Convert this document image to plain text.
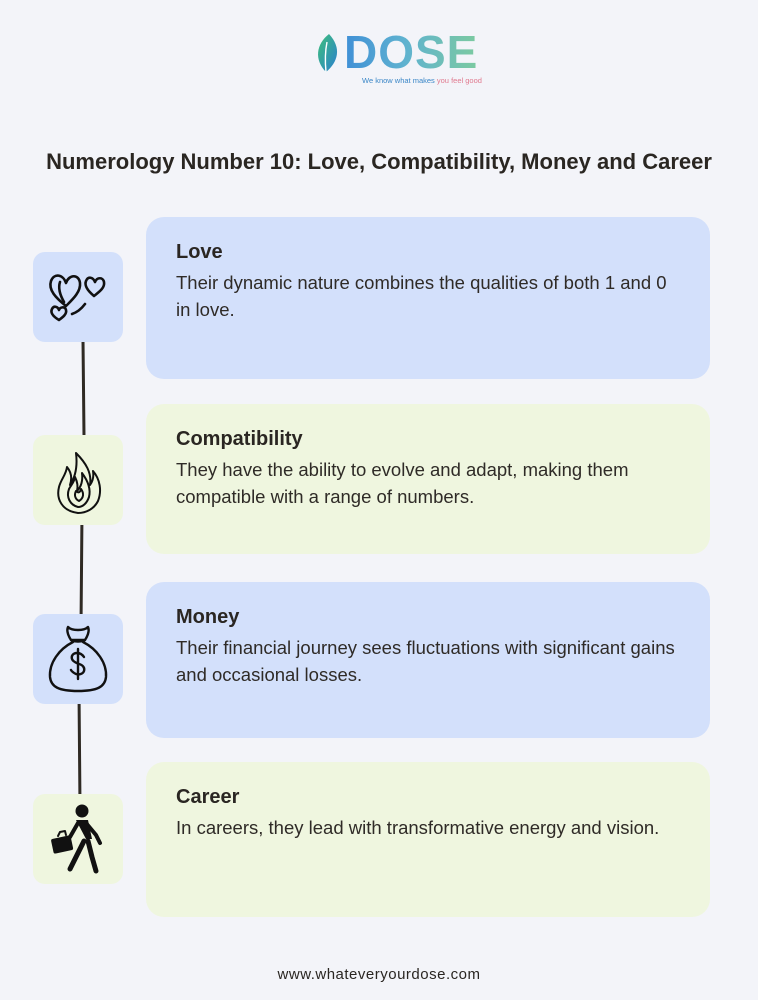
DOSE
We know what makes you feel good
Numerology Number 10: Love, Compatibility, Money and Career
Love
Their dynamic nature combines the qualities of both 1 and 0 in love.
Compatibility
They have the ability to evolve and adapt, making them compatible with a range of numbers.
Money
Their financial journey sees fluctuations with significant gains and occasional losses.
Career
In careers, they lead with transformative energy and vision.
www.whateveryourdose.com
